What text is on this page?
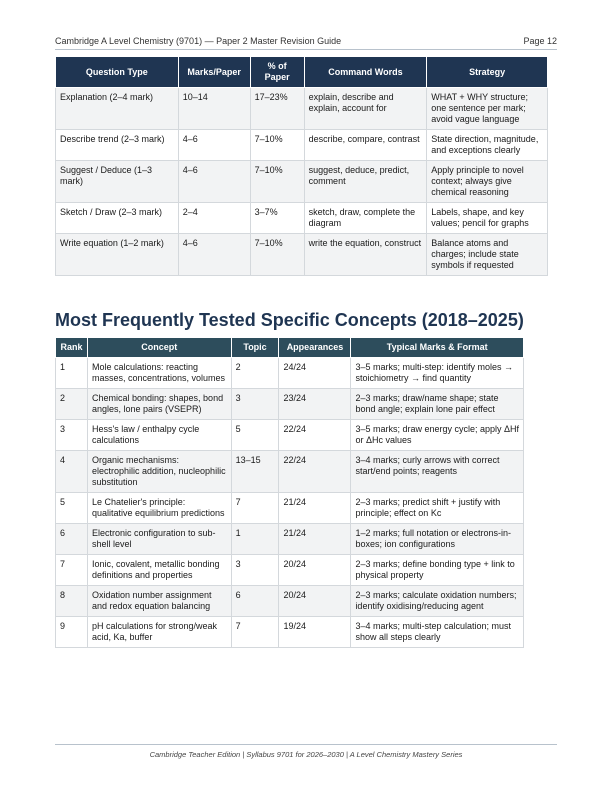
Cambridge A Level Chemistry (9701) — Paper 2 Master Revision Guide	Page 12
Question Type	Marks/Paper	% of Paper	Command Words	Strategy
Explanation (2–4 mark)	10–14	17–23%	explain, describe and explain, account for	WHAT + WHY structure; one sentence per mark; avoid vague language
Describe trend (2–3 mark)	4–6	7–10%	describe, compare, contrast	State direction, magnitude, and exceptions clearly
Suggest / Deduce (1–3 mark)	4–6	7–10%	suggest, deduce, predict, comment	Apply principle to novel context; always give chemical reasoning
Sketch / Draw (2–3 mark)	2–4	3–7%	sketch, draw, complete the diagram	Labels, shape, and key values; pencil for graphs
Write equation (1–2 mark)	4–6	7–10%	write the equation, construct	Balance atoms and charges; include state symbols if requested
Most Frequently Tested Specific Concepts (2018–2025)
Rank	Concept	Topic	Appearances	Typical Marks & Format
1	Mole calculations: reacting masses, concentrations, volumes	2	24/24	3–5 marks; multi-step: identify moles → stoichiometry → find quantity
2	Chemical bonding: shapes, bond angles, lone pairs (VSEPR)	3	23/24	2–3 marks; draw/name shape; state bond angle; explain lone pair effect
3	Hess's law / enthalpy cycle calculations	5	22/24	3–5 marks; draw energy cycle; apply ΔHf or ΔHc values
4	Organic mechanisms: electrophilic addition, nucleophilic substitution	13–15	22/24	3–4 marks; curly arrows with correct start/end points; reagents
5	Le Chatelier's principle: qualitative equilibrium predictions	7	21/24	2–3 marks; predict shift + justify with principle; effect on Kc
6	Electronic configuration to sub-shell level	1	21/24	1–2 marks; full notation or electrons-in-boxes; ion configurations
7	Ionic, covalent, metallic bonding definitions and properties	3	20/24	2–3 marks; define bonding type + link to physical property
8	Oxidation number assignment and redox equation balancing	6	20/24	2–3 marks; calculate oxidation numbers; identify oxidising/reducing agent
9	pH calculations for strong/weak acid, Ka, buffer	7	19/24	3–4 marks; multi-step calculation; must show all steps clearly
Cambridge Teacher Edition | Syllabus 9701 for 2026–2030 | A Level Chemistry Mastery Series
